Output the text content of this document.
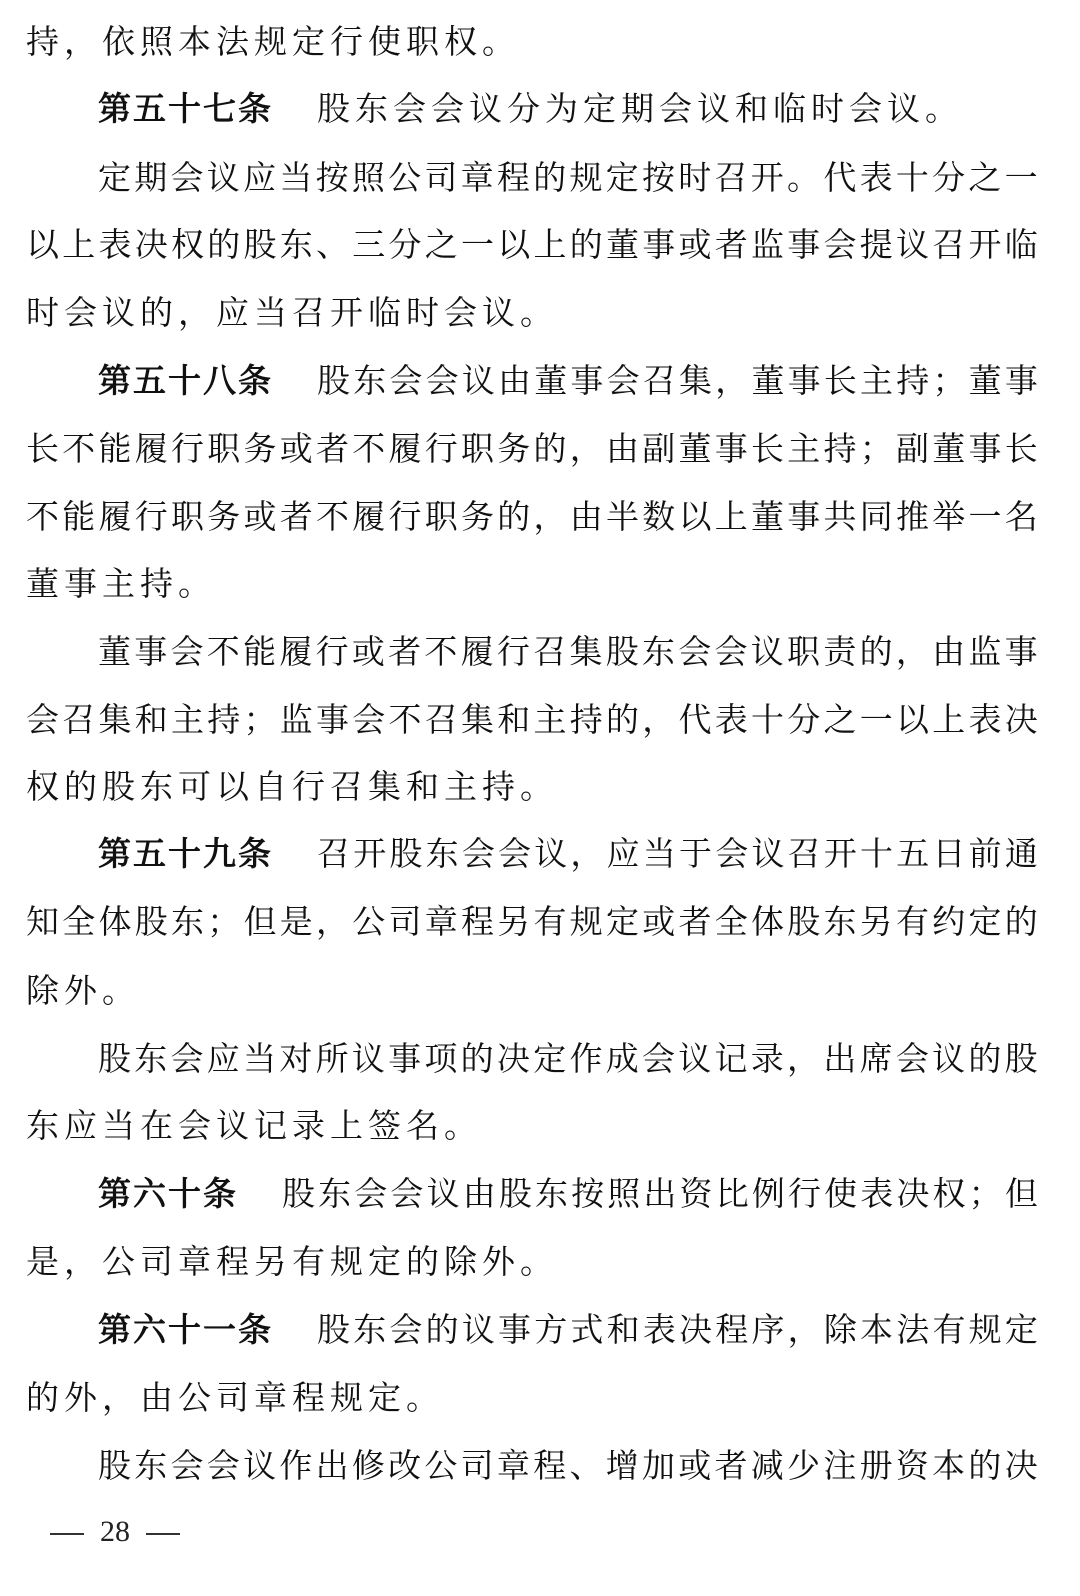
持，依照本法规定行使职权。
第五十七条 股东会会议分为定期会议和临时会议。
定 期 会 议 应 当 按 照 公 司 章 程 的 规 定 按 时 召 开 。 代 表 十 分 之 一
以 上 表 决 权 的 股 东 、 三 分 之 一 以 上 的 董 事 或 者 监 事 会 提 议 召 开 临
时会议的，应当召开临时会议。
第五十八条 股 东 会 会 议 由 董 事 会 召 集 ， 董 事 长 主 持 ； 董 事
长 不 能 履 行 职 务 或 者 不 履 行 职 务 的 ， 由 副 董 事 长 主 持 ； 副 董 事 长
不 能 履 行 职 务 或 者 不 履 行 职 务 的 ， 由 半 数 以 上 董 事 共 同 推 举 一 名
董事主持。
董 事 会 不 能 履 行 或 者 不 履 行 召 集 股 东 会 会 议 职 责 的 ， 由 监 事
会 召 集 和 主 持 ； 监 事 会 不 召 集 和 主 持 的 ， 代 表 十 分 之 一 以 上 表 决
权的股东可以自行召集和主持。
第五十九条 召 开 股 东 会 会 议 ， 应 当 于 会 议 召 开 十 五 日 前 通
知 全 体 股 东 ； 但 是 ， 公 司 章 程 另 有 规 定 或 者 全 体 股 东 另 有 约 定 的
除外。
股 东 会 应 当 对 所 议 事 项 的 决 定 作 成 会 议 记 录 ， 出 席 会 议 的 股
东应当在会议记录上签名。
第六十条 股 东 会 会 议 由 股 东 按 照 出 资 比 例 行 使 表 决 权 ； 但
是，公司章程另有规定的除外。
第六十一条 股 东 会 的 议 事 方 式 和 表 决 程 序 ， 除 本 法 有 规 定
的外，由公司章程规定。
股 东 会 会 议 作 出 修 改 公 司 章 程 、 增 加 或 者 减 少 注 册 资 本 的 决
28
